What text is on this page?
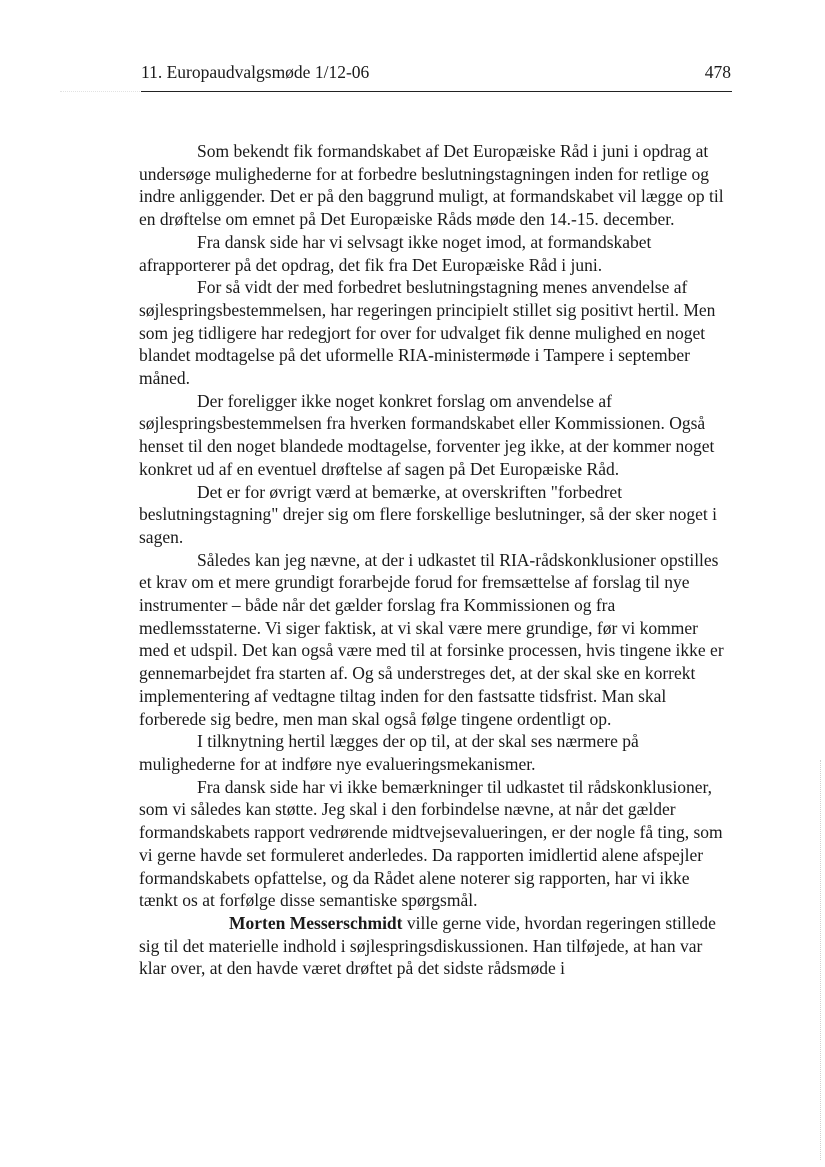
11. Europaudvalgsmøde 1/12-06	478

Som bekendt fik formandskabet af Det Europæiske Råd i juni i opdrag at undersøge mulighederne for at forbedre beslutningstagningen inden for retlige og indre anliggender. Det er på den baggrund muligt, at formandskabet vil lægge op til en drøftelse om emnet på Det Europæiske Råds møde den 14.-15. december.

Fra dansk side har vi selvsagt ikke noget imod, at formandskabet afrapporterer på det opdrag, det fik fra Det Europæiske Råd i juni.

For så vidt der med forbedret beslutningstagning menes anvendelse af søjlespringsbestemmelsen, har regeringen principielt stillet sig positivt hertil. Men som jeg tidligere har redegjort for over for udvalget fik denne mulighed en noget blandet modtagelse på det uformelle RIA-ministermøde i Tampere i september måned.

Der foreligger ikke noget konkret forslag om anvendelse af søjlespringsbestemmelsen fra hverken formandskabet eller Kommissionen. Også henset til den noget blandede modtagelse, forventer jeg ikke, at der kommer noget konkret ud af en eventuel drøftelse af sagen på Det Europæiske Råd.

Det er for øvrigt værd at bemærke, at overskriften "forbedret beslutningstagning" drejer sig om flere forskellige beslutninger, så der sker noget i sagen.

Således kan jeg nævne, at der i udkastet til RIA-rådskonklusioner opstilles et krav om et mere grundigt forarbejde forud for fremsættelse af forslag til nye instrumenter – både når det gælder forslag fra Kommissionen og fra medlemsstaterne. Vi siger faktisk, at vi skal være mere grundige, før vi kommer med et udspil. Det kan også være med til at forsinke processen, hvis tingene ikke er gennemarbejdet fra starten af. Og så understreges det, at der skal ske en korrekt implementering af vedtagne tiltag inden for den fastsatte tidsfrist. Man skal forberede sig bedre, men man skal også følge tingene ordentligt op.

I tilknytning hertil lægges der op til, at der skal ses nærmere på mulighederne for at indføre nye evalueringsmekanismer.

Fra dansk side har vi ikke bemærkninger til udkastet til rådskonklusioner, som vi således kan støtte. Jeg skal i den forbindelse nævne, at når det gælder formandskabets rapport vedrørende midtvejsevalueringen, er der nogle få ting, som vi gerne havde set formuleret anderledes. Da rapporten imidlertid alene afspejler formandskabets opfattelse, og da Rådet alene noterer sig rapporten, har vi ikke tænkt os at forfølge disse semantiske spørgsmål.

Morten Messerschmidt ville gerne vide, hvordan regeringen stillede sig til det materielle indhold i søjlespringsdiskussionen. Han tilføjede, at han var klar over, at den havde været drøftet på det sidste rådsmøde i
